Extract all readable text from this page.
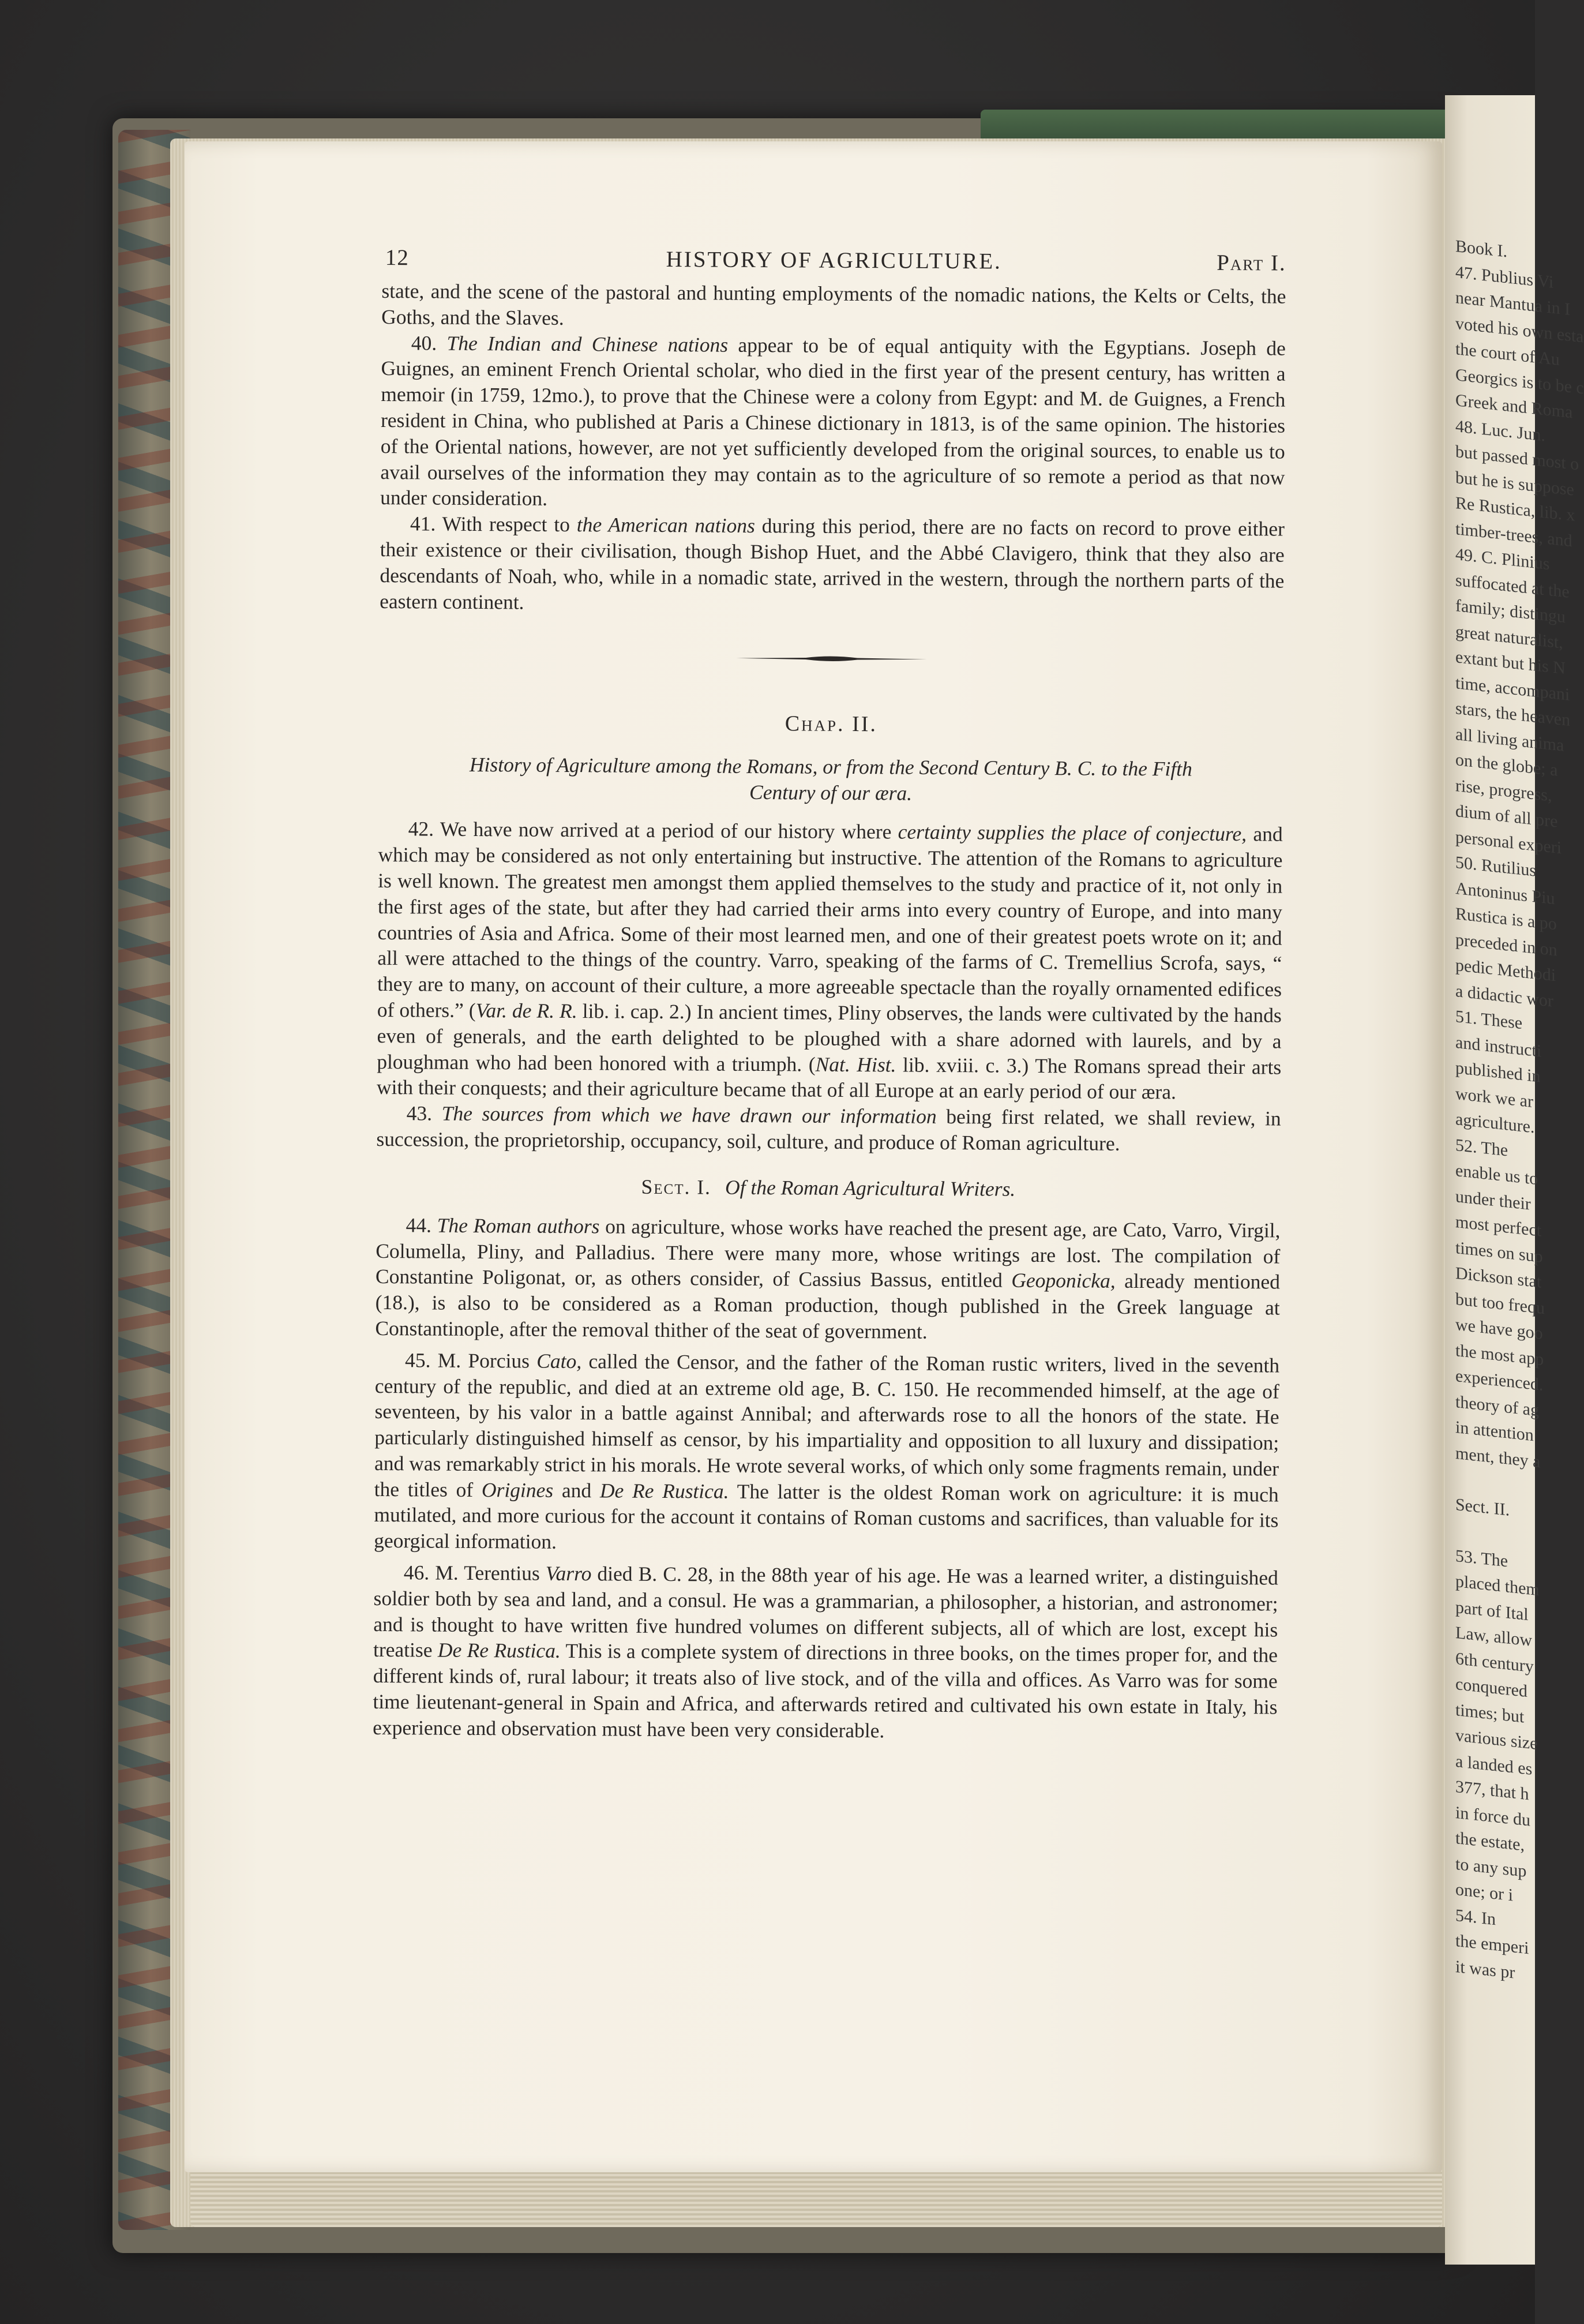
Book I.
47. Publius Vi
near Mantua in I
voted his own esta
the court of Au
Georgics is to be c
Greek and Roma
48. Luc. Jun.
but passed most o
but he is suppose
Re Rustica, lib. x
timber-trees, and
49. C. Plinius
suffocated at the
family; distingu
great naturalist,
extant but his N
time, accompani
stars, the heaven
all living anima
on the globe; a
rise, progress,
dium of all pre
personal experi
50. Rutilius
Antoninus Piu
Rustica is a po
preceded in on
pedic Methodi
a didactic wor
51. These
and instructi
published in
work we ar
agriculture.
52. The
enable us to
under their
most perfect
times on sup
Dickson stat
but too frequ
we have goo
the most app
experienced.
theory of ag
in attention
ment, they a
Sect. II.
53. The
placed them
part of Ital
Law, allow
6th century
conquered
times; but
various size
a landed es
377, that h
in force du
the estate,
to any sup
one; or i
54. In
the emperi
it was pr
12	HISTORY OF AGRICULTURE.	Part I.

state, and the scene of the pastoral and hunting employments of the nomadic nations, the Kelts or Celts, the Goths, and the Slaves.

40. The Indian and Chinese nations appear to be of equal antiquity with the Egyptians. Joseph de Guignes, an eminent French Oriental scholar, who died in the first year of the present century, has written a memoir (in 1759, 12mo.), to prove that the Chinese were a colony from Egypt: and M. de Guignes, a French resident in China, who published at Paris a Chinese dictionary in 1813, is of the same opinion. The histories of the Oriental nations, however, are not yet sufficiently developed from the original sources, to enable us to avail ourselves of the information they may contain as to the agriculture of so remote a period as that now under consideration.

41. With respect to the American nations during this period, there are no facts on record to prove either their existence or their civilisation, though Bishop Huet, and the Abbé Clavigero, think that they also are descendants of Noah, who, while in a nomadic state, arrived in the western, through the northern parts of the eastern continent.

Chap. II.
History of Agriculture among the Romans, or from the Second Century B. C. to the Fifth
Century of our æra.

42. We have now arrived at a period of our history where certainty supplies the place of conjecture, and which may be considered as not only entertaining but instructive. The attention of the Romans to agriculture is well known. The greatest men amongst them applied themselves to the study and practice of it, not only in the first ages of the state, but after they had carried their arms into every country of Europe, and into many countries of Asia and Africa. Some of their most learned men, and one of their greatest poets wrote on it; and all were attached to the things of the country. Varro, speaking of the farms of C. Tremellius Scrofa, says, “ they are to many, on account of their culture, a more agreeable spectacle than the royally ornamented edifices of others.” (Var. de R. R. lib. i. cap. 2.) In ancient times, Pliny observes, the lands were cultivated by the hands even of generals, and the earth delighted to be ploughed with a share adorned with laurels, and by a ploughman who had been honored with a triumph. (Nat. Hist. lib. xviii. c. 3.) The Romans spread their arts with their conquests; and their agriculture became that of all Europe at an early period of our æra.

43. The sources from which we have drawn our information being first related, we shall review, in succession, the proprietorship, occupancy, soil, culture, and produce of Roman agriculture.

Sect. I. Of the Roman Agricultural Writers.

44. The Roman authors on agriculture, whose works have reached the present age, are Cato, Varro, Virgil, Columella, Pliny, and Palladius. There were many more, whose writings are lost. The compilation of Constantine Poligonat, or, as others consider, of Cassius Bassus, entitled Geoponicka, already mentioned (18.), is also to be considered as a Roman production, though published in the Greek language at Constantinople, after the removal thither of the seat of government.

45. M. Porcius Cato, called the Censor, and the father of the Roman rustic writers, lived in the seventh century of the republic, and died at an extreme old age, B. C. 150. He recommended himself, at the age of seventeen, by his valor in a battle against Annibal; and afterwards rose to all the honors of the state. He particularly distinguished himself as censor, by his impartiality and opposition to all luxury and dissipation; and was remarkably strict in his morals. He wrote several works, of which only some fragments remain, under the titles of Origines and De Re Rustica. The latter is the oldest Roman work on agriculture: it is much mutilated, and more curious for the account it contains of Roman customs and sacrifices, than valuable for its georgical information.

46. M. Terentius Varro died B. C. 28, in the 88th year of his age. He was a learned writer, a distinguished soldier both by sea and land, and a consul. He was a grammarian, a philosopher, a historian, and astronomer; and is thought to have written five hundred volumes on different subjects, all of which are lost, except his treatise De Re Rustica. This is a complete system of directions in three books, on the times proper for, and the different kinds of, rural labour; it treats also of live stock, and of the villa and offices. As Varro was for some time lieutenant-general in Spain and Africa, and afterwards retired and cultivated his own estate in Italy, his experience and observation must have been very considerable.
